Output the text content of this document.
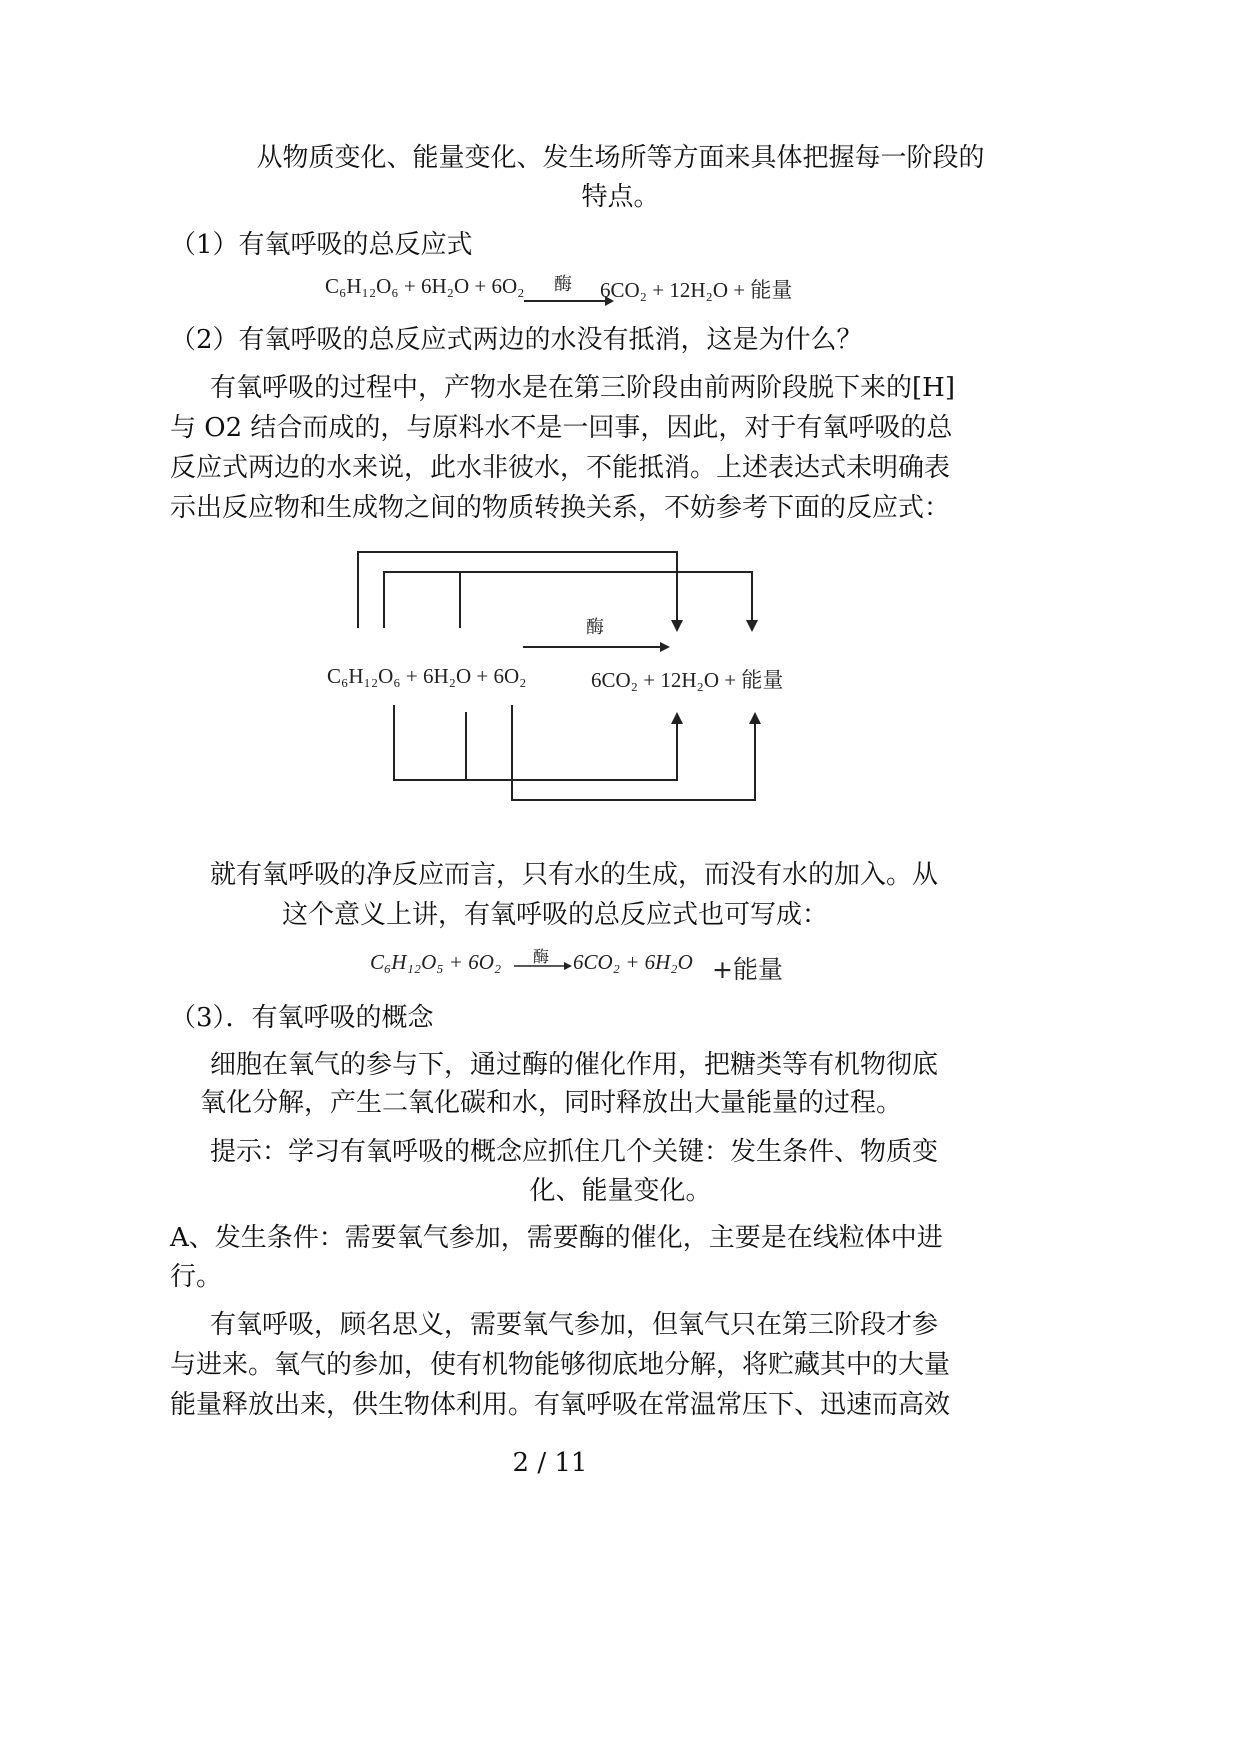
从物质变化、能量变化、发生场所等方面来具体把握每一阶段的
特点。
（1）有氧呼吸的总反应式
C₆H₁₂O₆ + 6H₂O + 6O₂ 酶 6CO₂ + 12H₂O + 能量
（2）有氧呼吸的总反应式两边的水没有抵消，这是为什么？
有氧呼吸的过程中，产物水是在第三阶段由前两阶段脱下来的[H]
与 O2 结合而成的，与原料水不是一回事，因此，对于有氧呼吸的总
反应式两边的水来说，此水非彼水，不能抵消。上述表达式未明确表
示出反应物和生成物之间的物质转换关系，不妨参考下面的反应式：
酶
C₆H₁₂O₆ + 6H₂O + 6O₂	6CO₂ + 12H₂O + 能量
就有氧呼吸的净反应而言，只有水的生成，而没有水的加入。从
这个意义上讲，有氧呼吸的总反应式也可写成：
C₆H₁₂O₅ + 6O₂ 酶 6CO₂ + 6H₂O +能量
（3）．有氧呼吸的概念
细胞在氧气的参与下，通过酶的催化作用，把糖类等有机物彻底
氧化分解，产生二氧化碳和水，同时释放出大量能量的过程。
提示：学习有氧呼吸的概念应抓住几个关键：发生条件、物质变
化、能量变化。
A、发生条件：需要氧气参加，需要酶的催化，主要是在线粒体中进
行。
有氧呼吸，顾名思义，需要氧气参加，但氧气只在第三阶段才参
与进来。氧气的参加，使有机物能够彻底地分解，将贮藏其中的大量
能量释放出来，供生物体利用。有氧呼吸在常温常压下、迅速而高效
2 / 11
